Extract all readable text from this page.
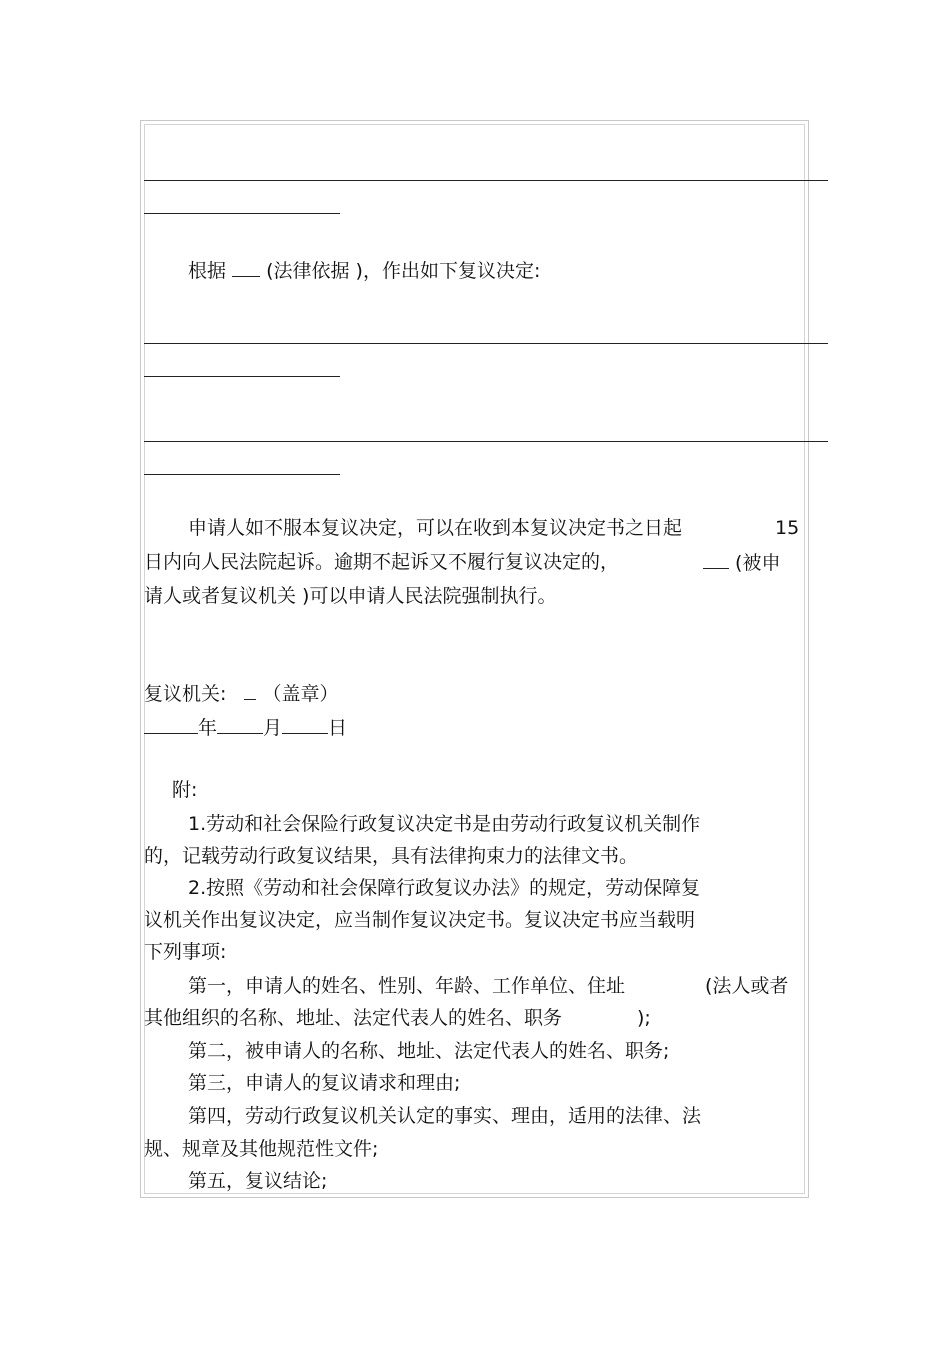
根据 (法律依据 )，作出如下复议决定:
申请人如不服本复议决定，可以在收到本复议决定书之日起	15
日内向人民法院起诉。逾期不起诉又不履行复议决定的，	(被申
请人或者复议机关 )可以申请人民法院强制执行。
复议机关: （盖章）
年 月 日
附:
1.劳动和社会保险行政复议决定书是由劳动行政复议机关制作
的，记载劳动行政复议结果，具有法律拘束力的法律文书。
2.按照《劳动和社会保障行政复议办法》的规定，劳动保障复
议机关作出复议决定，应当制作复议决定书。复议决定书应当载明
下列事项:
第一，申请人的姓名、性别、年龄、工作单位、住址	(法人或者
其他组织的名称、地址、法定代表人的姓名、职务	);
第二，被申请人的名称、地址、法定代表人的姓名、职务;
第三，申请人的复议请求和理由;
第四，劳动行政复议机关认定的事实、理由，适用的法律、法
规、规章及其他规范性文件;
第五，复议结论;
